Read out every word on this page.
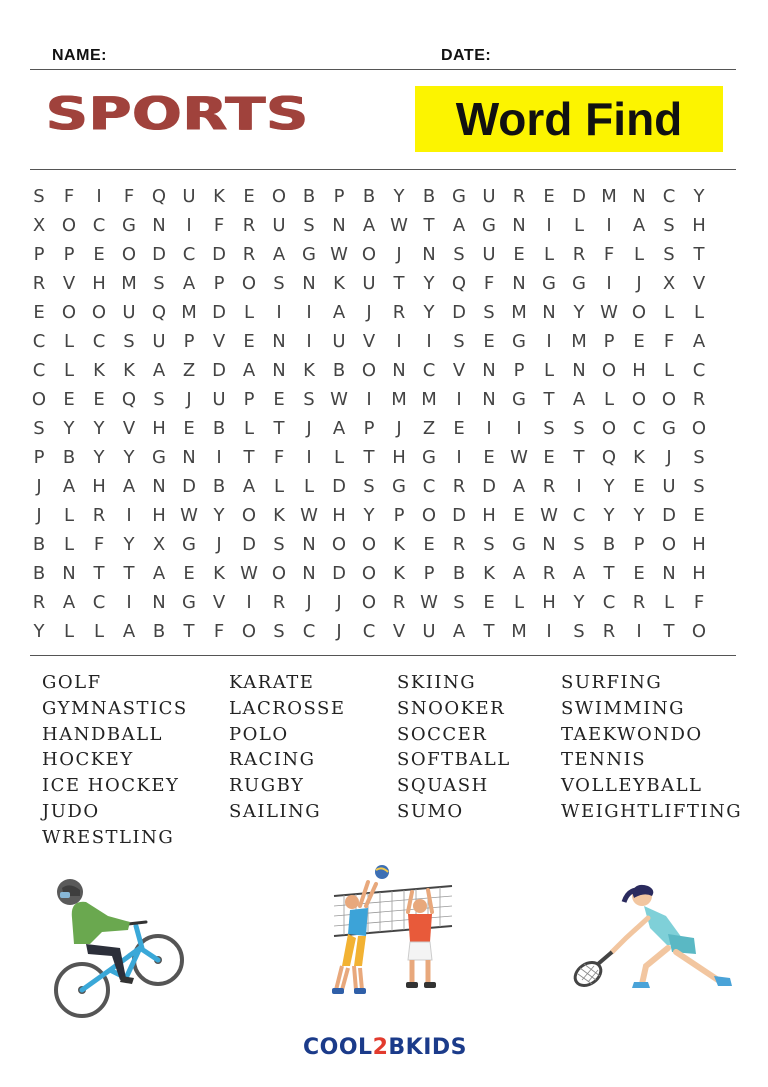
NAME:	DATE:
SPORTS	Word Find
S	F	I	F Q U K	E O B	P	B	Y	B G U R	E D M N C	Y
X O C G N	I	F	R U S N A W T	A G N	I	L	I	A	S H
P	P	E O D C D R A G W O	J	N S U E	L	R	F	L	S	T
R V H M S	A	P O S N K U T	Y Q F	N G G	I	J	X V
E O O U Q M D	L	I	I	A	J	R	Y D S M N Y W O L	L
C	L	C	S U P	V	E N	I	U V	I	I	S	E G	I	M P	E	F	A
C	L	K	K A Z D A N K B O N C V N P	L	N O H	L	C
O E	E Q S	J	U P	E	S W	I	M M	I	N G T	A	L O O R
S	Y	Y	V H E	B	L	T	J	A	P	J	Z	E	I	I	S	S O C G O
P	B	Y	Y G N	I	T	F	I	L	T H G	I	E W E	T Q K	J	S
J	A H A N D B A	L	L	D S G C R D A R	I	Y	E U S
J	L	R	I	H W Y O K W H Y	P O D H E W C	Y	Y D E
B	L	F	Y	X G	J	D S N O O K	E	R	S G N S	B	P O H
B N T	T	A	E	K W O N D O K	P	B K A R A	T	E N H
R A C	I	N G V	I	R	J	J	O R W S	E	L	H Y	C R	L	F
Y	L	L	A B	T	F O S C	J	C V U A	T M	I	S	R	I	T O
GOLF
GYMNASTICS
HANDBALL
HOCKEY
ICE HOCKEY
JUDO
WRESTLING
KARATE
LACROSSE
POLO
RACING
RUGBY
SAILING
SKIING
SNOOKER
SOCCER
SOFTBALL
SQUASH
SUMO
SURFING
SWIMMING
TAEKWONDO
TENNIS
VOLLEYBALL
WEIGHTLIFTING
COOL 2 BKIDS
